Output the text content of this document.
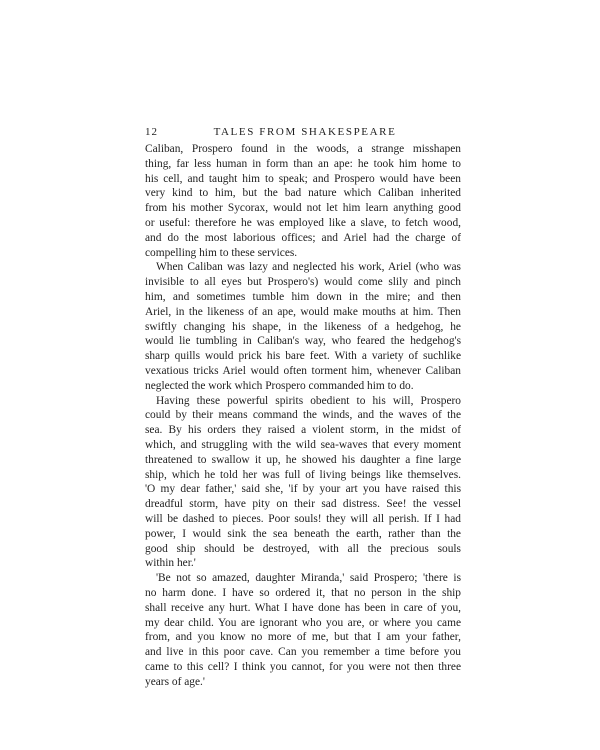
12	TALES FROM SHAKESPEARE
Caliban, Prospero found in the woods, a strange misshapen
thing, far less human in form than an ape: he took him home to
his cell, and taught him to speak; and Prospero would have been
very kind to him, but the bad nature which Caliban inherited
from his mother Sycorax, would not let him learn anything good
or useful: therefore he was employed like a slave, to fetch wood,
and do the most laborious offices; and Ariel had the charge of
compelling him to these services.
When Caliban was lazy and neglected his work, Ariel (who was
invisible to all eyes but Prospero's) would come slily and pinch
him, and sometimes tumble him down in the mire; and then
Ariel, in the likeness of an ape, would make mouths at him. Then
swiftly changing his shape, in the likeness of a hedgehog, he
would lie tumbling in Caliban's way, who feared the hedgehog's
sharp quills would prick his bare feet. With a variety of suchlike
vexatious tricks Ariel would often torment him, whenever Caliban
neglected the work which Prospero commanded him to do.
Having these powerful spirits obedient to his will, Prospero
could by their means command the winds, and the waves of the
sea. By his orders they raised a violent storm, in the midst of
which, and struggling with the wild sea-waves that every moment
threatened to swallow it up, he showed his daughter a fine large
ship, which he told her was full of living beings like themselves.
'O my dear father,' said she, 'if by your art you have raised this
dreadful storm, have pity on their sad distress. See! the vessel
will be dashed to pieces. Poor souls! they will all perish. If I had
power, I would sink the sea beneath the earth, rather than the
good ship should be destroyed, with all the precious souls
within her.'
'Be not so amazed, daughter Miranda,' said Prospero; 'there is
no harm done. I have so ordered it, that no person in the ship
shall receive any hurt. What I have done has been in care of you,
my dear child. You are ignorant who you are, or where you came
from, and you know no more of me, but that I am your father,
and live in this poor cave. Can you remember a time before you
came to this cell? I think you cannot, for you were not then three
years of age.'
